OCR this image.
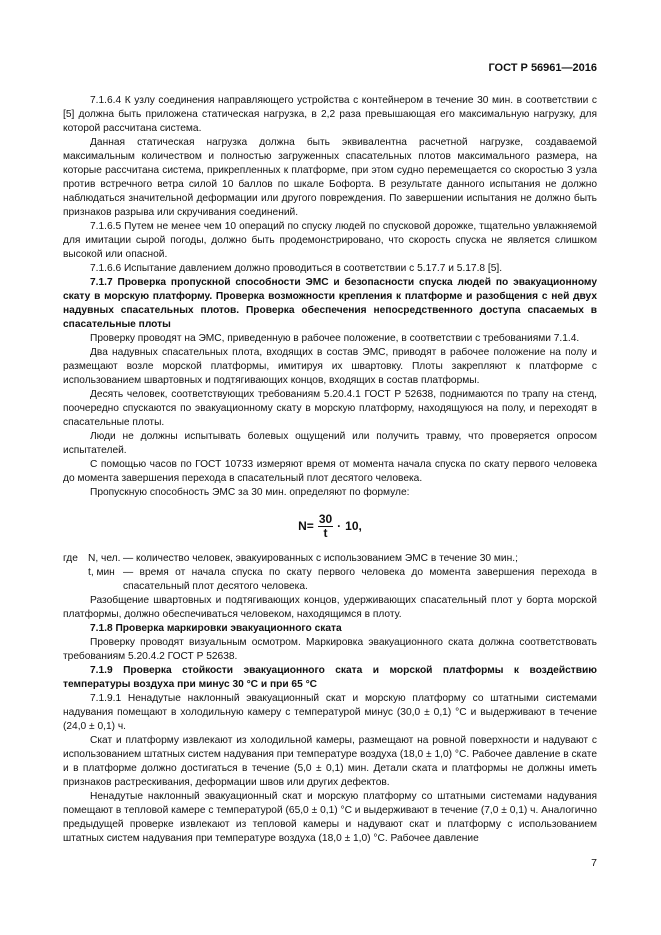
ГОСТ Р 56961—2016

7.1.6.4 К узлу соединения направляющего устройства с контейнером в течение 30 мин. в соответствии с [5] должна быть приложена статическая нагрузка, в 2,2 раза превышающая его максимальную нагрузку, для которой рассчитана система.

Данная статическая нагрузка должна быть эквивалентна расчетной нагрузке, создаваемой максимальным количеством и полностью загруженных спасательных плотов максимального размера, на которые рассчитана система, прикрепленных к платформе, при этом судно перемещается со скоростью 3 узла против встречного ветра силой 10 баллов по шкале Бофорта. В результате данного испытания не должно наблюдаться значительной деформации или другого повреждения. По завершении испытания не должно быть признаков разрыва или скручивания соединений.

7.1.6.5 Путем не менее чем 10 операций по спуску людей по спусковой дорожке, тщательно увлажняемой для имитации сырой погоды, должно быть продемонстрировано, что скорость спуска не является слишком высокой или опасной.

7.1.6.6 Испытание давлением должно проводиться в соответствии с 5.17.7 и 5.17.8 [5].

7.1.7 Проверка пропускной способности ЭМС и безопасности спуска людей по эвакуационному скату в морскую платформу. Проверка возможности крепления к платформе и разобщения с ней двух надувных спасательных плотов. Проверка обеспечения непосредственного доступа спасаемых в спасательные плоты

Проверку проводят на ЭМС, приведенную в рабочее положение, в соответствии с требованиями 7.1.4.

Два надувных спасательных плота, входящих в состав ЭМС, приводят в рабочее положение на полу и размещают возле морской платформы, имитируя их швартовку. Плоты закрепляют к платформе с использованием швартовных и подтягивающих концов, входящих в состав платформы.

Десять человек, соответствующих требованиям 5.20.4.1 ГОСТ Р 52638, поднимаются по трапу на стенд, поочередно спускаются по эвакуационному скату в морскую платформу, находящуюся на полу, и переходят в спасательные плоты.

Люди не должны испытывать болевых ощущений или получить травму, что проверяется опросом испытателей.

С помощью часов по ГОСТ 10733 измеряют время от момента начала спуска по скату первого человека до момента завершения перехода в спасательный плот десятого человека.

Пропускную способность ЭМС за 30 мин. определяют по формуле:

$N = \frac{30}{t} \cdot 10$ ,
где N, чел. — количество человек, эвакуированных с использованием ЭМС в течение 30 мин.;
t, мин — время от начала спуска по скату первого человека до момента завершения перехода в спасательный плот десятого человека.

Разобщение швартовных и подтягивающих концов, удерживающих спасательный плот у борта морской платформы, должно обеспечиваться человеком, находящимся в плоту.

7.1.8 Проверка маркировки эвакуационного ската

Проверку проводят визуальным осмотром. Маркировка эвакуационного ската должна соответствовать требованиям 5.20.4.2 ГОСТ Р 52638.

7.1.9 Проверка стойкости эвакуационного ската и морской платформы к воздействию температуры воздуха при минус 30 °С и при 65 °С

7.1.9.1 Ненадутые наклонный эвакуационный скат и морскую платформу со штатными системами надувания помещают в холодильную камеру с температурой минус (30,0 ± 0,1) °С и выдерживают в течение (24,0 ± 0,1) ч.

Скат и платформу извлекают из холодильной камеры, размещают на ровной поверхности и надувают с использованием штатных систем надувания при температуре воздуха (18,0 ± 1,0) °С. Рабочее давление в скате и в платформе должно достигаться в течение (5,0 ± 0,1) мин. Детали ската и платформы не должны иметь признаков растрескивания, деформации швов или других дефектов.

Ненадутые наклонный эвакуационный скат и морскую платформу со штатными системами надувания помещают в тепловой камере с температурой (65,0 ± 0,1) °С и выдерживают в течение (7,0 ± 0,1) ч. Аналогично предыдущей проверке извлекают из тепловой камеры и надувают скат и платформу с использованием штатных систем надувания при температуре воздуха (18,0 ± 1,0) °С. Рабочее давление

7
